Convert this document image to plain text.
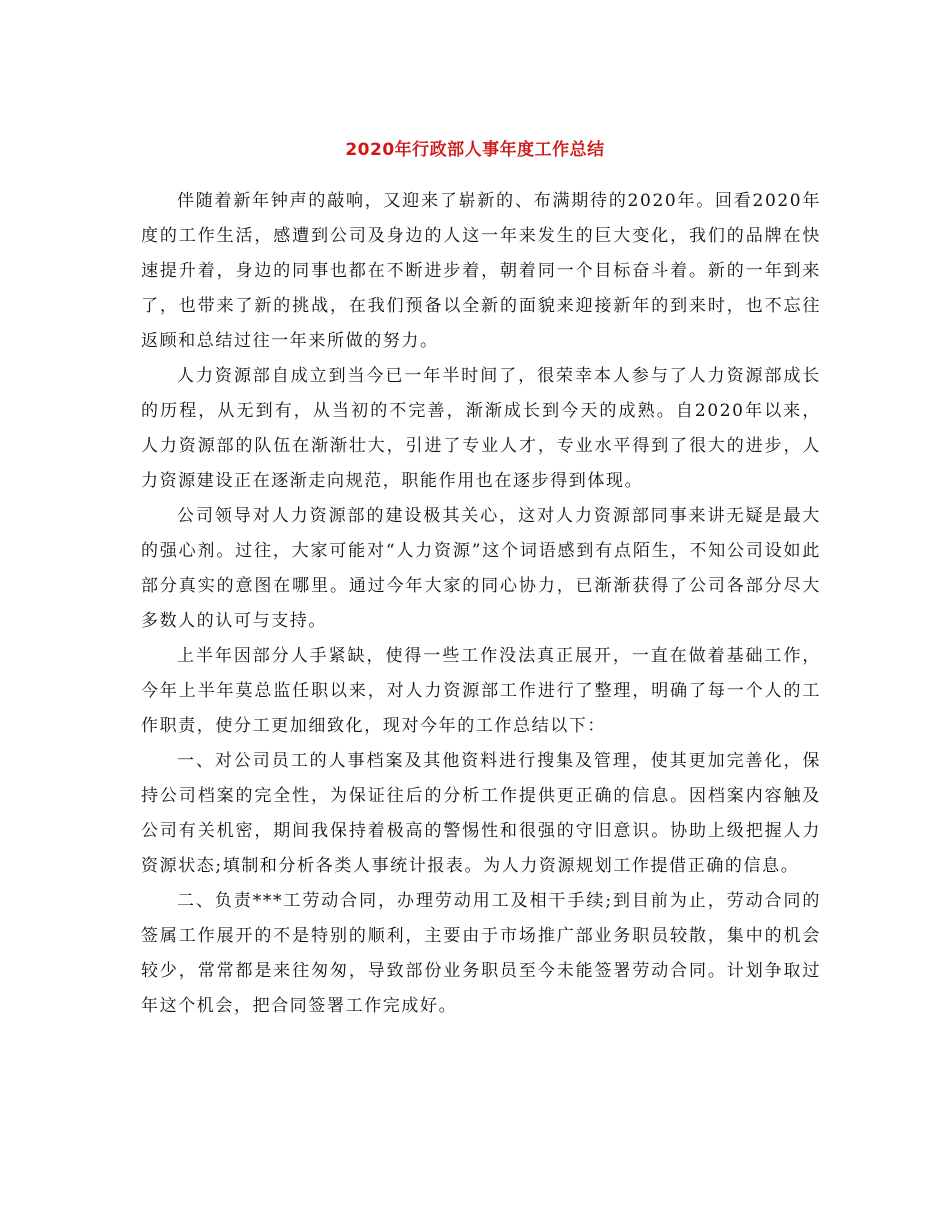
2020年行政部人事年度工作总结

伴随着新年钟声的敲响，又迎来了崭新的、布满期待的2020年。回看2020年度的工作生活，感遭到公司及身边的人这一年来发生的巨大变化，我们的品牌在快速提升着，身边的同事也都在不断进步着，朝着同一个目标奋斗着。新的一年到来了，也带来了新的挑战，在我们预备以全新的面貌来迎接新年的到来时，也不忘往返顾和总结过往一年来所做的努力。

人力资源部自成立到当今已一年半时间了，很荣幸本人参与了人力资源部成长的历程，从无到有，从当初的不完善，渐渐成长到今天的成熟。自2020年以来，人力资源部的队伍在渐渐壮大，引进了专业人才，专业水平得到了很大的进步，人力资源建设正在逐渐走向规范，职能作用也在逐步得到体现。

公司领导对人力资源部的建设极其关心，这对人力资源部同事来讲无疑是最大的强心剂。过往，大家可能对“人力资源”这个词语感到有点陌生，不知公司设如此部分真实的意图在哪里。通过今年大家的同心协力，已渐渐获得了公司各部分尽大多数人的认可与支持。

上半年因部分人手紧缺，使得一些工作没法真正展开，一直在做着基础工作，今年上半年莫总监任职以来，对人力资源部工作进行了整理，明确了每一个人的工作职责，使分工更加细致化，现对今年的工作总结以下：

一、对公司员工的人事档案及其他资料进行搜集及管理，使其更加完善化，保持公司档案的完全性，为保证往后的分析工作提供更正确的信息。因档案内容触及公司有关机密，期间我保持着极高的警惕性和很强的守旧意识。协助上级把握人力资源状态;填制和分析各类人事统计报表。为人力资源规划工作提借正确的信息。

二、负责***工劳动合同，办理劳动用工及相干手续;到目前为止，劳动合同的签属工作展开的不是特别的顺利，主要由于市场推广部业务职员较散，集中的机会较少，常常都是来往匆匆，导致部份业务职员至今未能签署劳动合同。计划争取过年这个机会，把合同签署工作完成好。
